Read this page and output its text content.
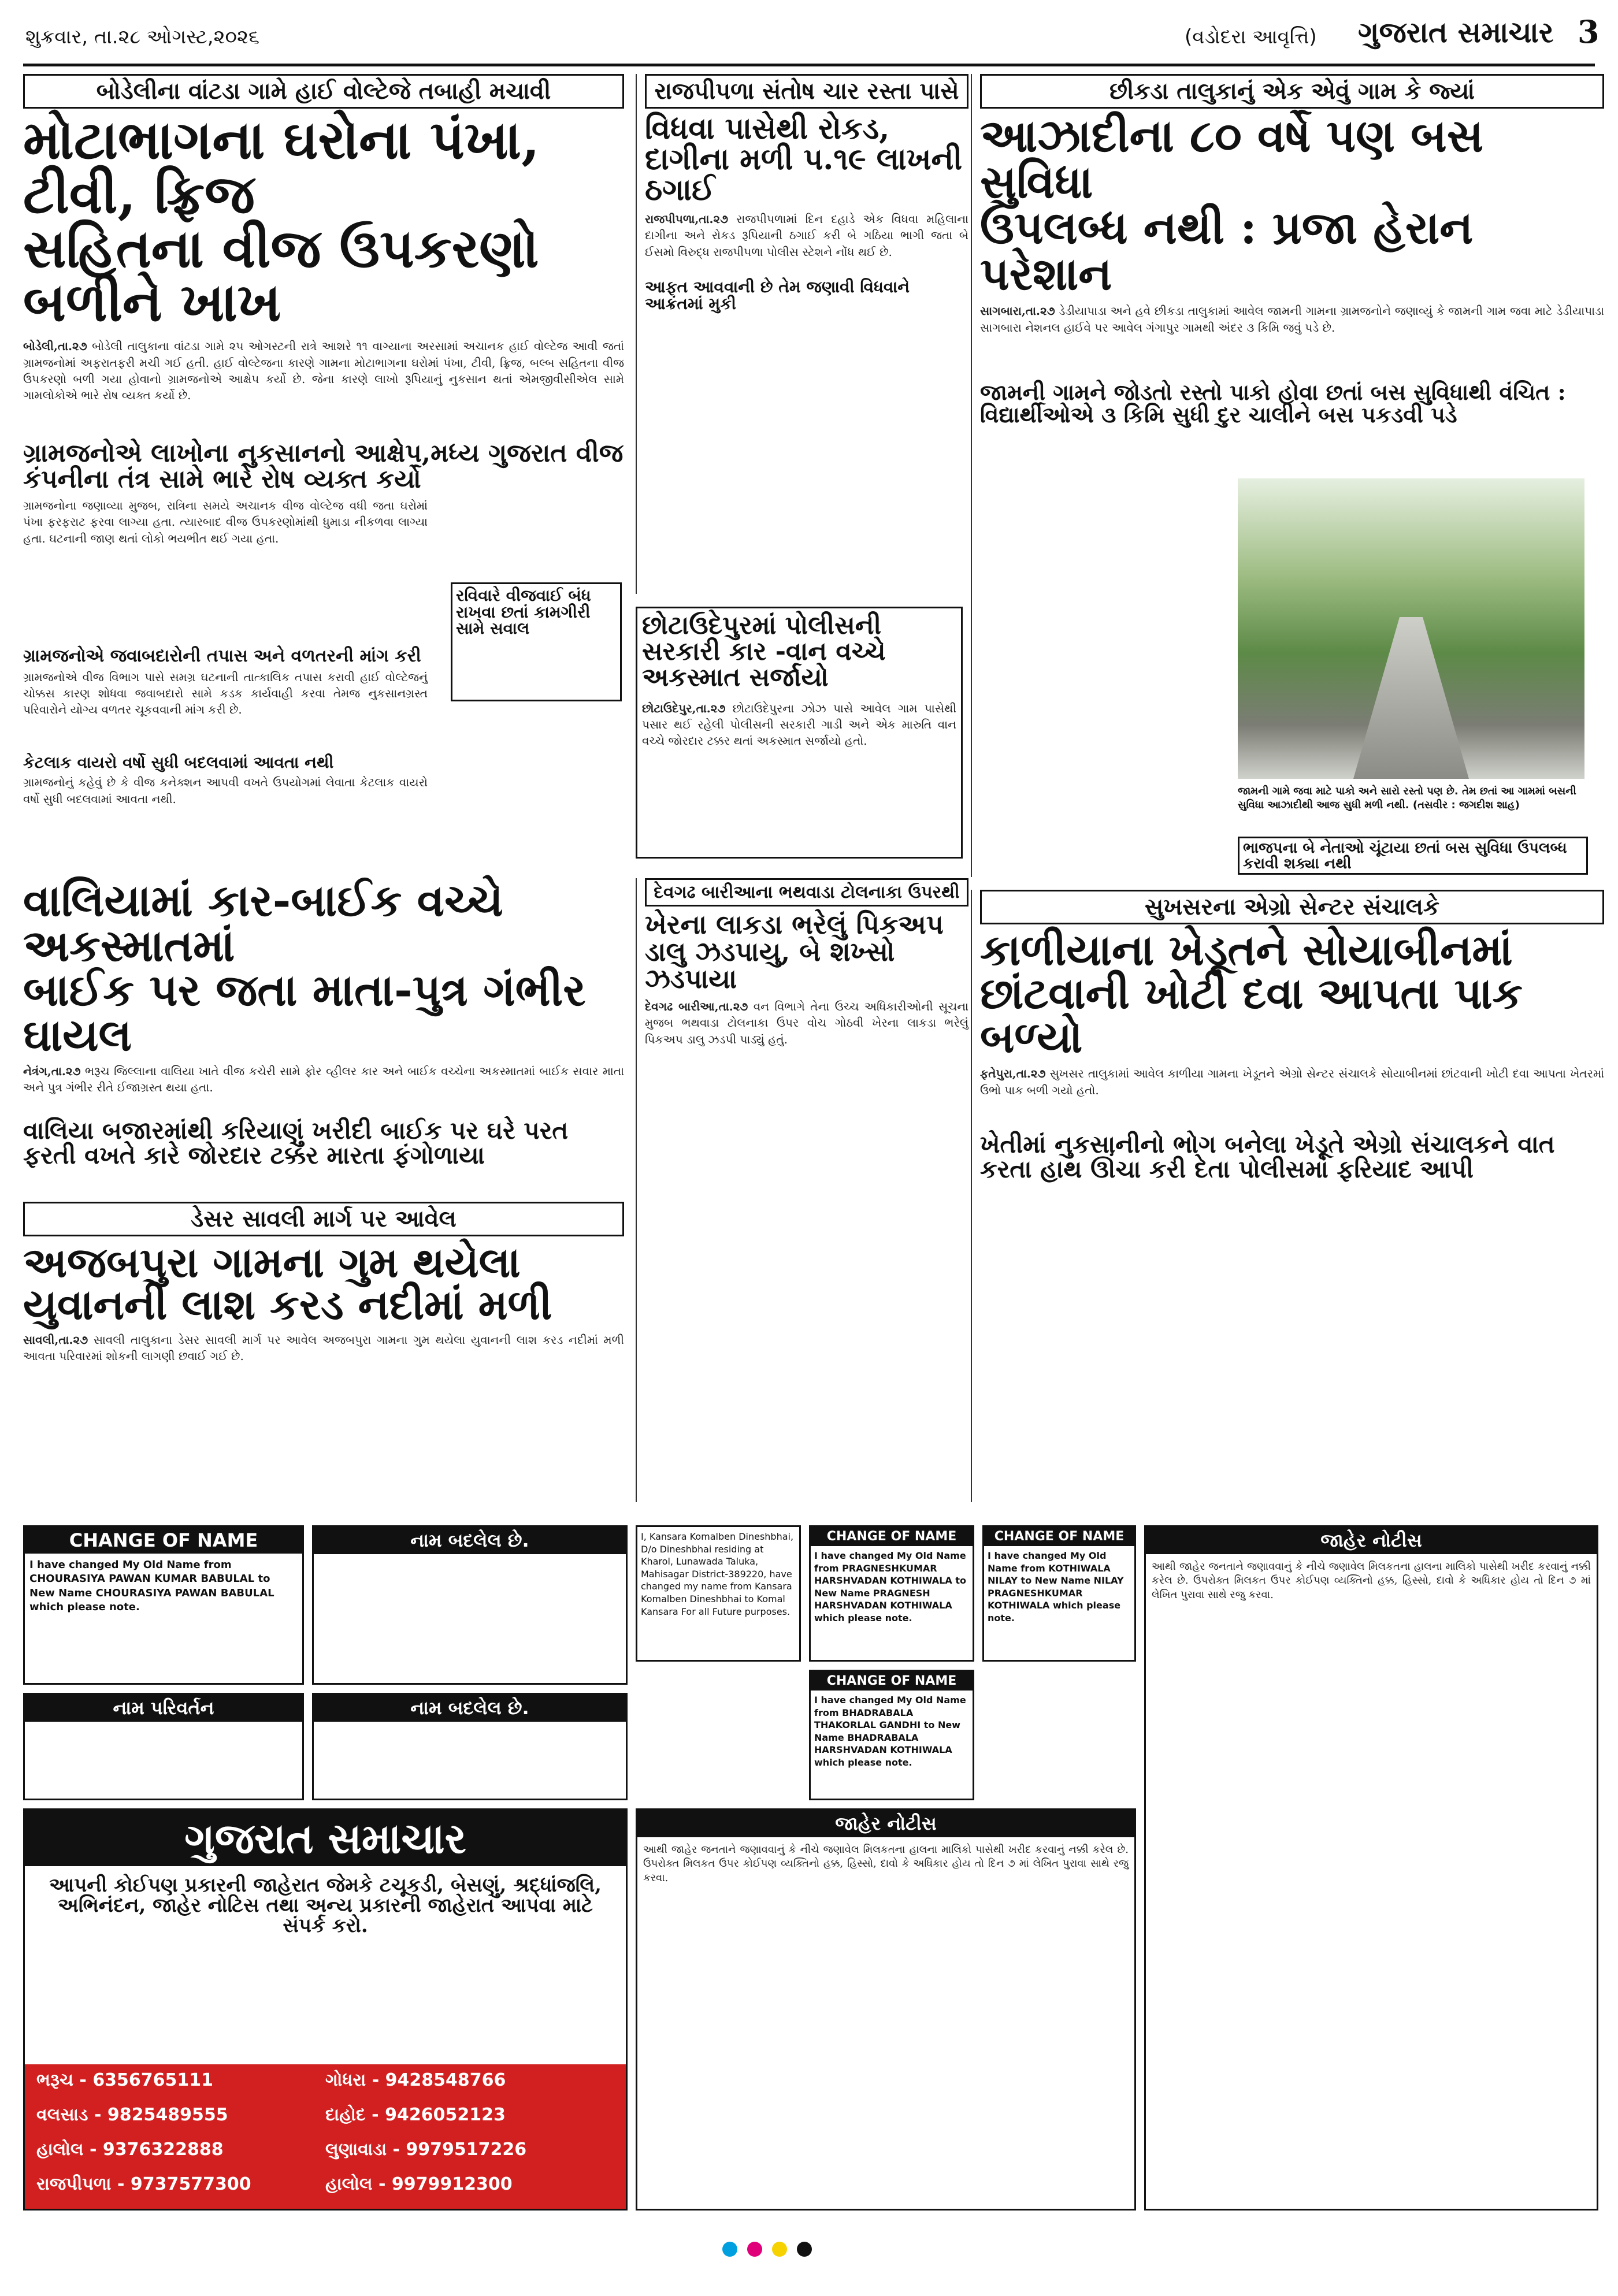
શુક્રવાર, તા.૨૮ ઓગસ્ટ,૨૦૨૬	(વડોદરા આવૃત્તિ) ગુજરાત સમાચાર 3
બોડેલીના વાંટડા ગામે હાઈ વોલ્ટેજે તબાહી મચાવી
મોટાભાગના ઘરોના પંખા, ટીવી, ફ્રિજ
સહિતના વીજ ઉપકરણો બળીને ખાખ
બોડેલી,તા.૨૭ બોડેલી તાલુકાના વાંટડા ગામે ૨૫ ઓગસ્ટની રાત્રે આશરે ૧૧ વાગ્યાના અરસામાં અચાનક હાઈ વોલ્ટેજ આવી જતાં ગ્રામજનોમાં અફરાતફરી મચી ગઈ હતી. હાઈ વોલ્ટેજના કારણે ગામના મોટાભાગના ઘરોમાં પંખા, ટીવી, ફ્રિજ, બલ્બ સહિતના વીજ ઉપકરણો બળી ગયા હોવાનો ગ્રામજનોએ આક્ષેપ કર્યો છે. જેના કારણે લાખો રૂપિયાનું નુકસાન થતાં એમજીવીસીએલ સામે ગામલોકોએ ભારે રોષ વ્યક્ત કર્યો છે.
ગ્રામજનોએ લાખોના નુકસાનનો આક્ષેપ,મધ્ય ગુજરાત વીજ કંપનીના તંત્ર સામે ભારે રોષ વ્યક્ત કર્યો
ગ્રામજનોના જણાવ્યા મુજબ, રાત્રિના સમયે અચાનક વીજ વોલ્ટેજ વધી જતા ઘરોમાં પંખા ફરફરાટ ફરવા લાગ્યા હતા. ત્યારબાદ વીજ ઉપકરણોમાંથી ધુમાડા નીકળવા લાગ્યા હતા. ઘટનાની જાણ થતાં લોકો ભયભીત થઈ ગયા હતા.
રવિવારે વીજવાઈ બંધ રાખવા છતાં કામગીરી સામે સવાલ
ગ્રામજનોએ જવાબદારોની તપાસ અને વળતરની માંગ કરી
ગ્રામજનોએ વીજ વિભાગ પાસે સમગ્ર ઘટનાની તાત્કાલિક તપાસ કરાવી હાઈ વોલ્ટેજનું ચોક્કસ કારણ શોધવા જવાબદારો સામે કડક કાર્યવાહી કરવા તેમજ નુકસાનગ્રસ્ત પરિવારોને યોગ્ય વળતર ચૂકવવાની માંગ કરી છે.
કેટલાક વાયરો વર્ષો સુધી બદલવામાં આવતા નથી
ગ્રામજનોનું કહેવું છે કે વીજ કનેક્શન આપવી વખતે ઉપયોગમાં લેવાતા કેટલાક વાયરો વર્ષો સુધી બદલવામાં આવતા નથી.
રાજપીપળા સંતોષ ચાર રસ્તા પાસે
વિધવા પાસેથી રોકડ, દાગીના મળી પ.૧૯ લાખની ઠગાઈ
રાજપીપળા,તા.૨૭ રાજપીપળામાં દિન દહાડે એક વિધવા મહિલાના દાગીના અને રોકડ રૂપિયાની ઠગાઈ કરી બે ગઠિયા ભાગી જતા બે ઈસમો વિરુદ્ધ રાજપીપળા પોલીસ સ્ટેશને નોંધ થઈ છે.
આફત આવવાની છે તેમ જણાવી વિધવાને આક્રંતમાં મુકી
છીકડા તાલુકાનું એક એવું ગામ કે જ્યાં
આઝાદીના ૮૦ વર્ષે પણ બસ સુવિધા
ઉપલબ્ધ નથી : પ્રજા હેરાન પરેશાન
સાગબારા,તા.૨૭ ડેડીયાપાડા અને હવે છીકડા તાલુકામાં આવેલ જામની ગામના ગ્રામજનોને જણાવ્યું કે જામની ગામ જવા માટે ડેડીયાપાડા સાગબારા નેશનલ હાઈવે પર આવેલ ગંગાપુર ગામથી અંદર ૩ કિમિ જવું પડે છે.
જામની ગામને જોડતો રસ્તો પાકો હોવા છતાં બસ સુવિધાથી વંચિત : વિદ્યાર્થીઓએ ૩ કિમિ સુધી દુર ચાલીને બસ પકડવી પડે
જામની ગામે જવા માટે પાકો અને સારો રસ્તો પણ છે. તેમ છતાં આ ગામમાં બસની સુવિધા આઝાદીથી આજ સુધી મળી નથી. (તસવીર : જગદીશ શાહ)
ભાજપના બે નેતાઓ ચૂંટાયા છતાં બસ સુવિધા ઉપલબ્ધ કરાવી શક્યા નથી
છોટાઉદેપુરમાં પોલીસની સરકારી કાર -વાન વચ્ચે અકસ્માત સર્જાયો
છોટાઉદેપુર,તા.૨૭ છોટાઉદેપુરના ઝોઝ પાસે આવેલ ગામ પાસેથી પસાર થઈ રહેલી પોલીસની સરકારી ગાડી અને એક મારુતિ વાન વચ્ચે જોરદાર ટક્કર થતાં અકસ્માત સર્જાયો હતો.
વાલિયામાં કાર-બાઈક વચ્ચે અકસ્માતમાં
બાઈક પર જતા માતા-પુત્ર ગંભીર ઘાયલ
નેત્રંગ,તા.૨૭ ભરૂચ જિલ્લાના વાલિયા ખાતે વીજ કચેરી સામે ફોર વ્હીલર કાર અને બાઈક વચ્ચેના અકસ્માતમાં બાઈક સવાર માતા અને પુત્ર ગંભીર રીતે ઈજાગ્રસ્ત થયા હતા.
વાલિયા બજારમાંથી કરિયાણું ખરીદી બાઈક પર ઘરે પરત ફરતી વખતે કારે જોરદાર ટક્કર મારતા ફંગોળાયા
ડેસર સાવલી માર્ગ પર આવેલ
અજબપુરા ગામના ગુમ થયેલા
યુવાનની લાશ કરડ નદીમાં મળી
સાવલી,તા.૨૭ સાવલી તાલુકાના ડેસર સાવલી માર્ગ પર આવેલ અજબપુરા ગામના ગુમ થયેલા યુવાનની લાશ કરડ નદીમાં મળી આવતા પરિવારમાં શોકની લાગણી છવાઈ ગઈ છે.
દેવગઢ બારીઆના ભથવાડા ટોલનાકા ઉપરથી
ખેરના લાકડા ભરેલું પિકઅપ ડાલુ ઝડપાયુ, બે શખ્સો ઝડપાયા
દેવગઢ બારીઆ,તા.૨૭ વન વિભાગે તેના ઉચ્ચ અધિકારીઓની સૂચના મુજબ ભથવાડા ટોલનાકા ઉપર વોચ ગોઠવી ખેરના લાકડા ભરેલું પિકઅપ ડાલુ ઝડપી પાડ્યું હતું.
સુખસરના એગ્રો સેન્ટર સંચાલકે
કાળીયાના ખેડૂતને સોયાબીનમાં
છાંટવાની ખોટી દવા આપતા પાક બળ્યો
ફતેપુરા,તા.૨૭ સુખસર તાલુકામાં આવેલ કાળીયા ગામના ખેડૂતને એગ્રો સેન્ટર સંચાલકે સોયાબીનમાં છાંટવાની ખોટી દવા આપતા ખેતરમાં ઉભો પાક બળી ગયો હતો.
ખેતીમાં નુકસાનીનો ભોગ બનેલા ખેડૂતે એગ્રો સંચાલકને વાત કરતા હાથ ઊંચા કરી દેતા પોલીસમાં ફરિયાદ આપી
CHANGE OF NAME
I have changed My Old Name from CHOURASIYA PAWAN KUMAR BABULAL to New Name CHOURASIYA PAWAN BABULAL which please note.
નામ બદલેલ છે.
નામ પરિવર્તન	નામ બદલેલ છે.
I, Kansara Komalben Dineshbhai, D/o Dineshbhai residing at Kharol, Lunawada Taluka, Mahisagar District-389220, have changed my name from Kansara Komalben Dineshbhai to Komal Kansara For all Future purposes.
CHANGE OF NAME
I have changed My Old Name from PRAGNESHKUMAR HARSHVADAN KOTHIWALA to New Name PRAGNESH HARSHVADAN KOTHIWALA which please note.
CHANGE OF NAME
I have changed My Old Name from KOTHIWALA NILAY to New Name NILAY PRAGNESHKUMAR KOTHIWALA which please note.
CHANGE OF NAME
I have changed My Old Name from BHADRABALA THAKORLAL GANDHI to New Name BHADRABALA HARSHVADAN KOTHIWALA which please note.
જાહેર નોટીસ
આથી જાહેર જનતાને જણાવવાનું કે નીચે જણાવેલ મિલકતના હાલના માલિકો પાસેથી ખરીદ કરવાનું નક્કી કરેલ છે. ઉપરોક્ત મિલકત ઉપર કોઈપણ વ્યક્તિનો હક્ક, હિસ્સો, દાવો કે અધિકાર હોય તો દિન ૭ માં લેખિત પુરાવા સાથે રજુ કરવા.
જાહેર નોટીસ
આથી જાહેર જનતાને જણાવવાનું કે નીચે જણાવેલ મિલકતના હાલના માલિકો પાસેથી ખરીદ કરવાનું નક્કી કરેલ છે. ઉપરોક્ત મિલકત ઉપર કોઈપણ વ્યક્તિનો હક્ક, હિસ્સો, દાવો કે અધિકાર હોય તો દિન ૭ માં લેખિત પુરાવા સાથે રજુ કરવા.
ગુજરાત સમાચાર
આપની કોઈપણ પ્રકારની જાહેરાત જેમકે ટચૂકડી, બેસણું, શ્રદ્ધાંજલિ, અભિનંદન, જાહેર નોટિસ તથા અન્ય પ્રકારની જાહેરાત આપવા માટે સંપર્ક કરો.
ભરૂચ - 6356765111	ગોધરા - 9428548766
વલસાડ - 9825489555	દાહોદ - 9426052123
હાલોલ - 9376322888	લુણાવાડા - 9979517226
રાજપીપળા - 9737577300	હાલોલ - 9979912300
